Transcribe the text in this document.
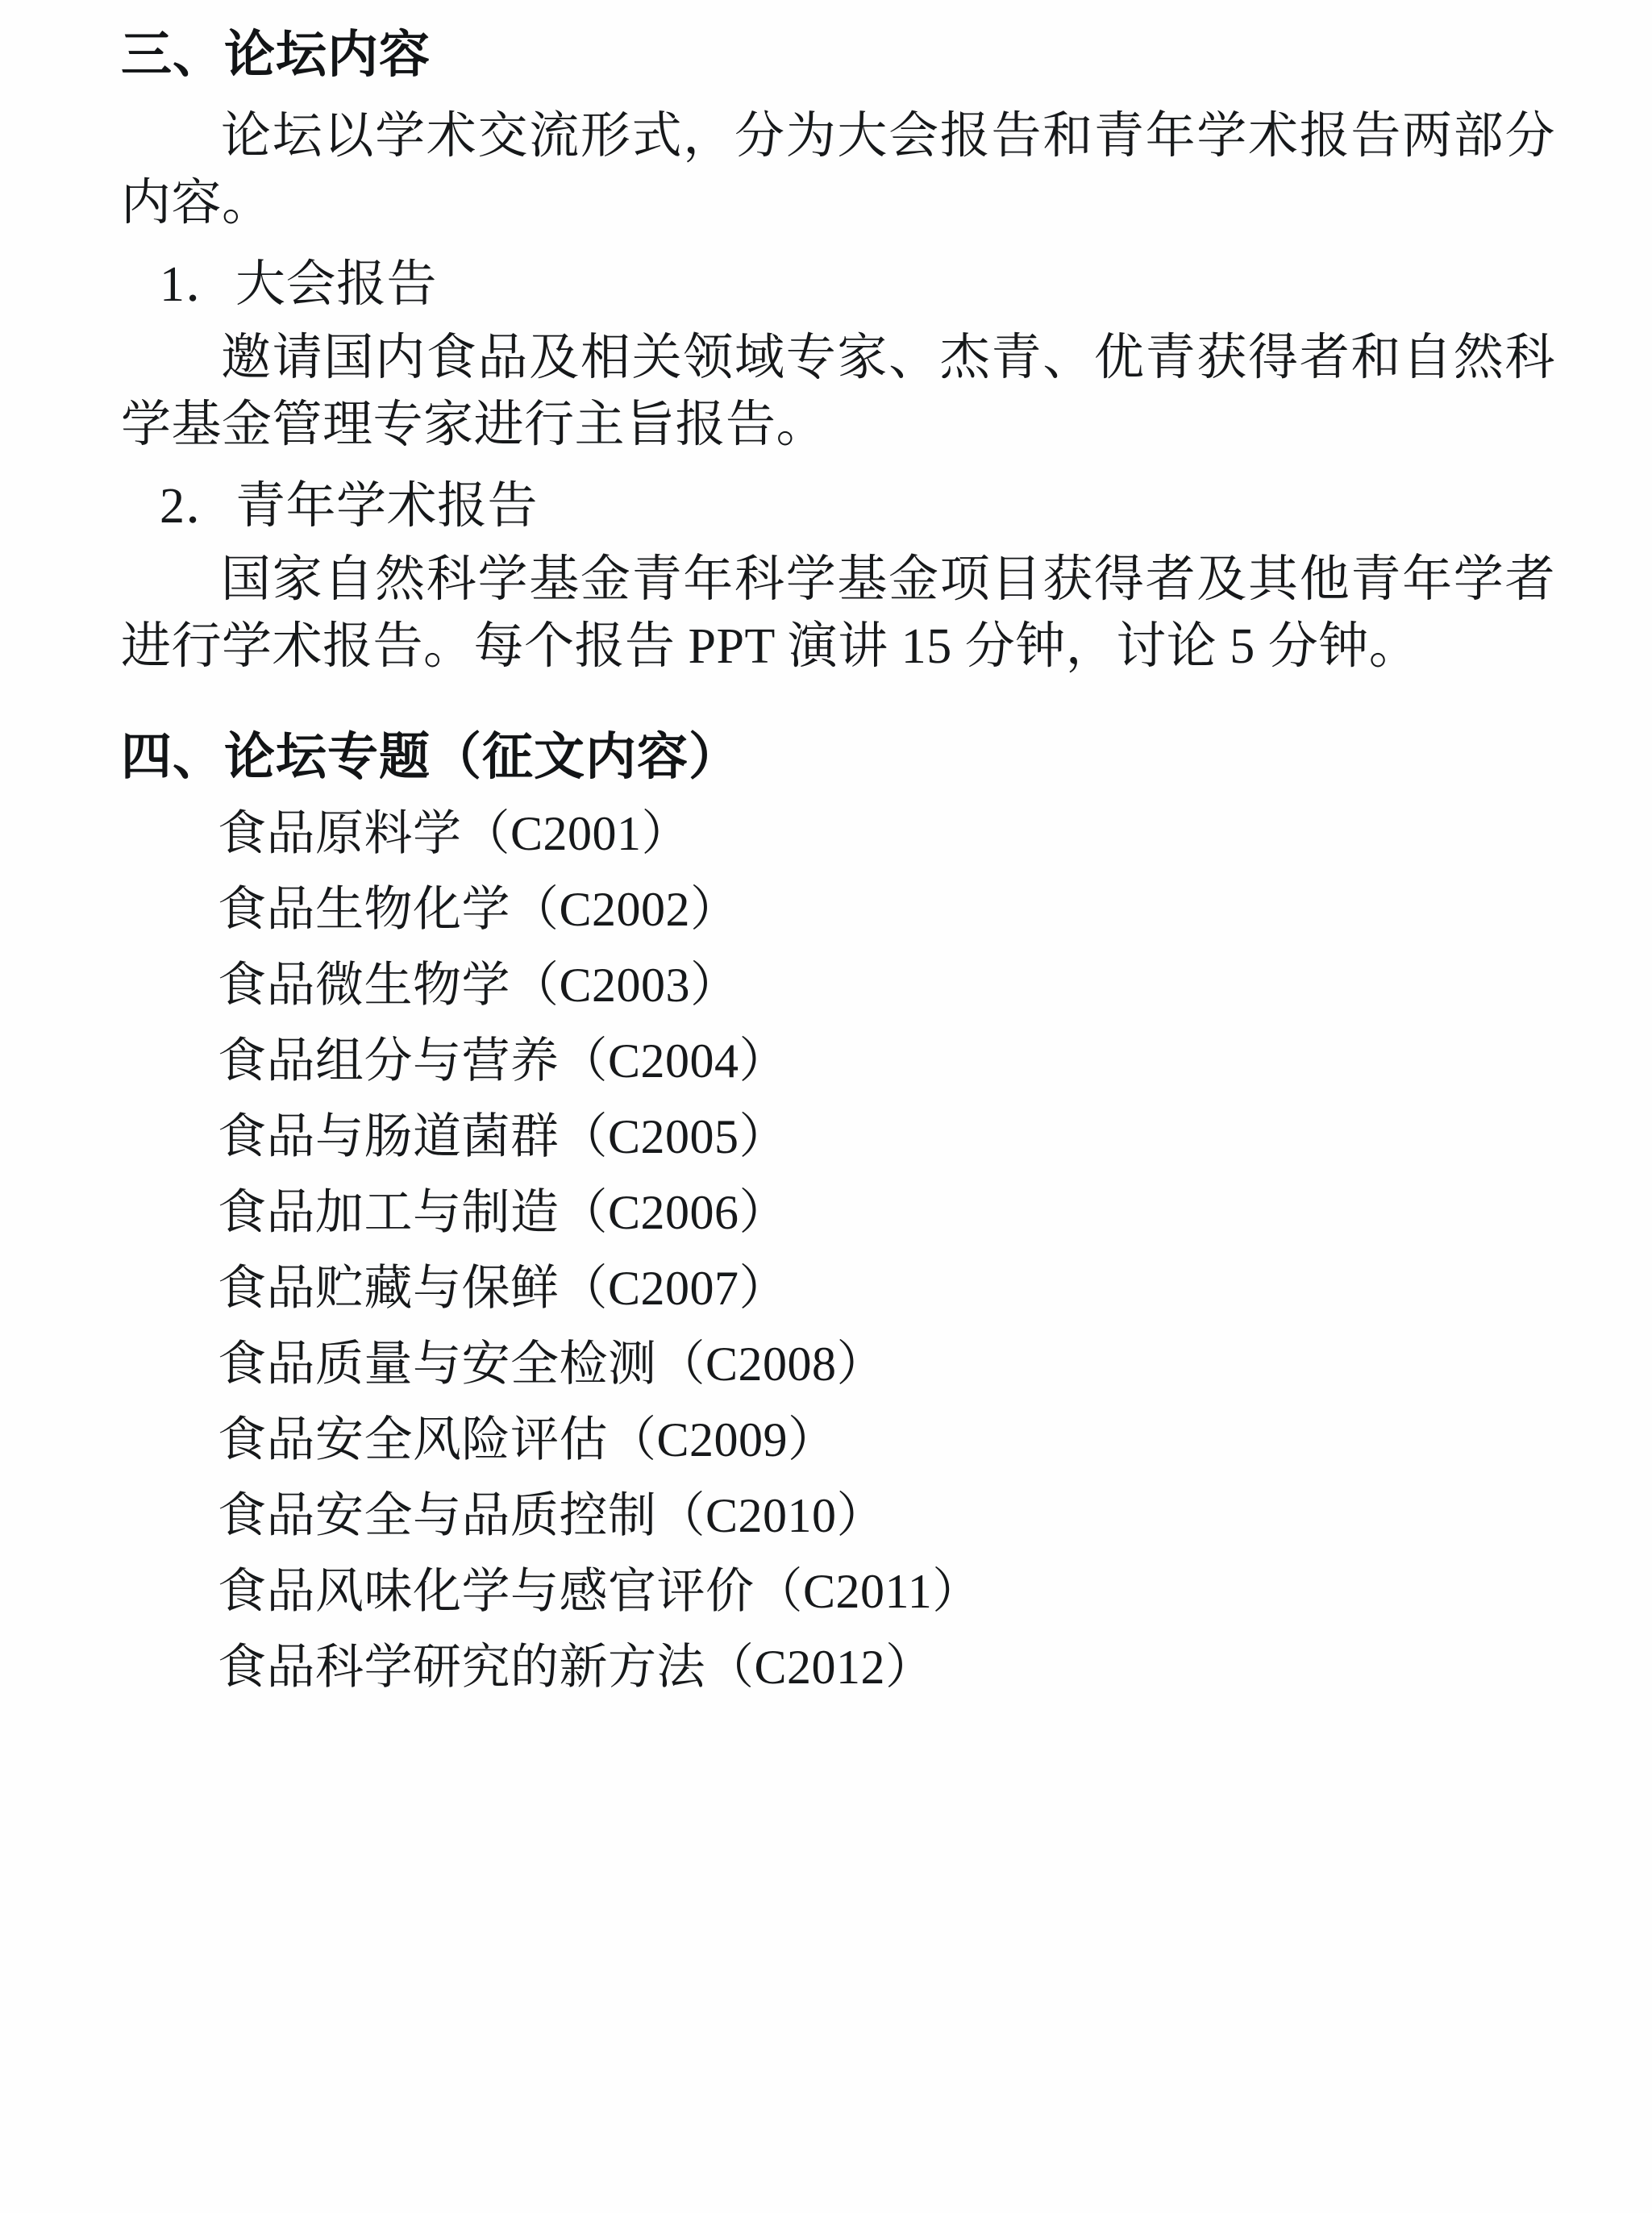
三、论坛内容

论坛以学术交流形式，分为大会报告和青年学术报告两部分内容。

1．大会报告

邀请国内食品及相关领域专家、杰青、优青获得者和自然科学基金管理专家进行主旨报告。

2．青年学术报告

国家自然科学基金青年科学基金项目获得者及其他青年学者进行学术报告。每个报告 PPT 演讲 15 分钟，讨论 5 分钟。

四、论坛专题（征文内容）
食品原料学（C2001）
食品生物化学（C2002）
食品微生物学（C2003）
食品组分与营养（C2004）
食品与肠道菌群（C2005）
食品加工与制造（C2006）
食品贮藏与保鲜（C2007）
食品质量与安全检测（C2008）
食品安全风险评估（C2009）
食品安全与品质控制（C2010）
食品风味化学与感官评价（C2011）
食品科学研究的新方法（C2012）
